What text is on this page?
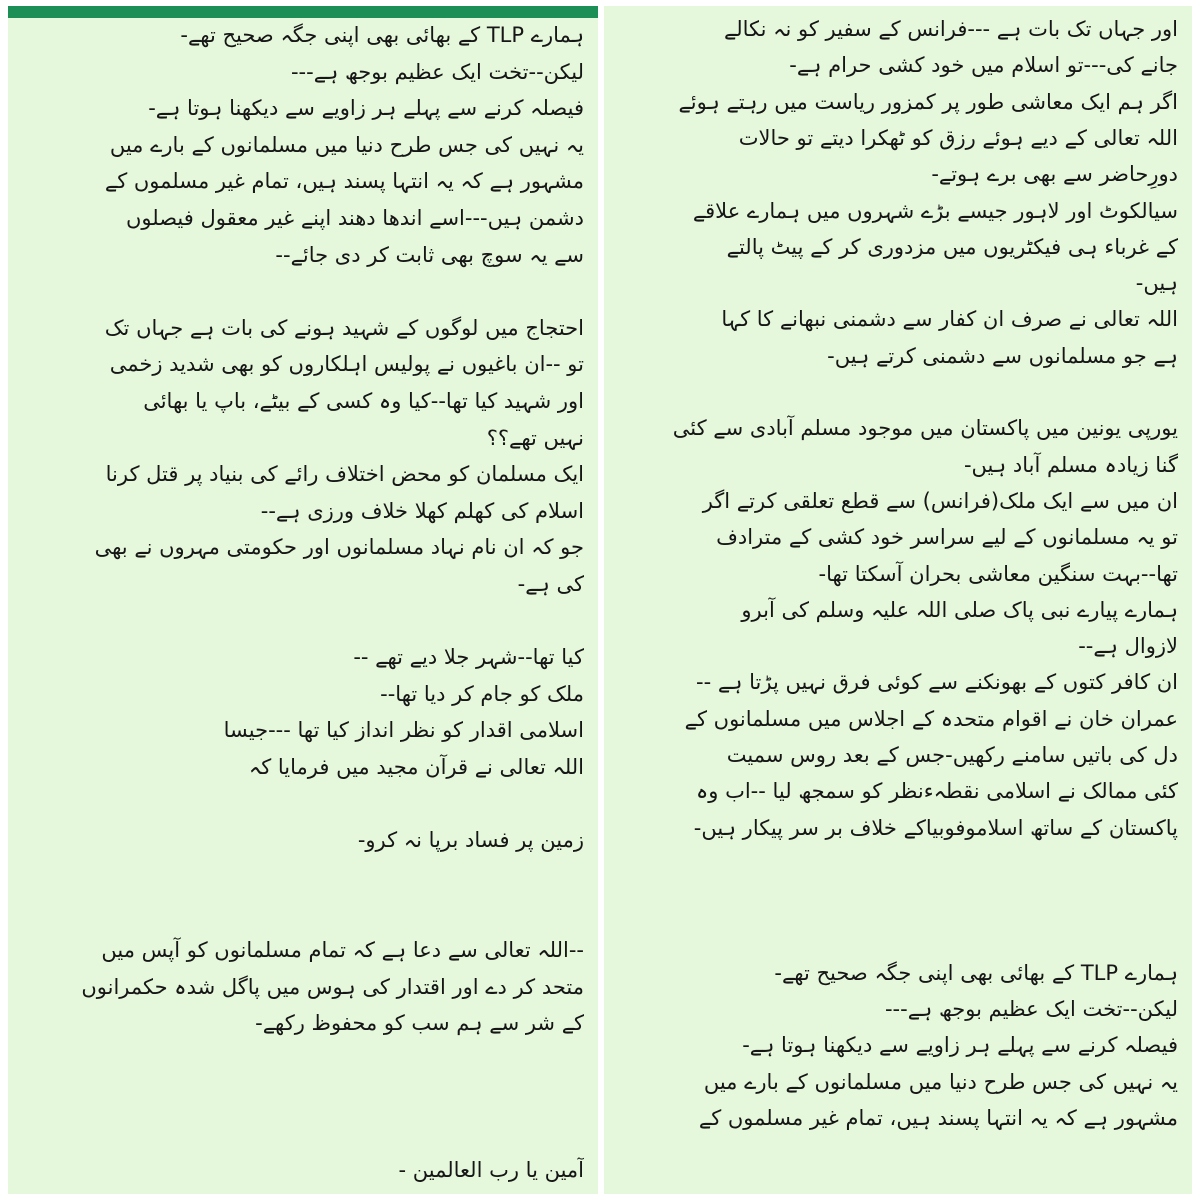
ہمارے TLP کے بھائی بھی اپنی جگہ صحیح تھے-
لیکن--تخت ایک عظیم بوجھ ہے---
فیصلہ کرنے سے پہلے ہر زاویے سے دیکھنا ہوتا ہے-
یہ نہیں کی جس طرح دنیا میں مسلمانوں کے بارے میں
مشہور ہے کہ یہ انتہا پسند ہیں، تمام غیر مسلموں کے
دشمن ہیں---اسے اندھا دھند اپنے غیر معقول فیصلوں
سے یہ سوچ بھی ثابت کر دی جائے--
احتجاج میں لوگوں کے شہید ہونے کی بات ہے جہاں تک
تو --ان باغیوں نے پولیس اہلکاروں کو بھی شدید زخمی
اور شہید کیا تھا--کیا وہ کسی کے بیٹے، باپ یا بھائی
نہیں تھے؟؟
ایک مسلمان کو محض اختلاف رائے کی بنیاد پر قتل کرنا
اسلام کی کھلم کھلا خلاف ورزی ہے--
جو کہ ان نام نہاد مسلمانوں اور حکومتی مہروں نے بھی
کی ہے-
کیا تھا--شہر جلا دیے تھے --
ملک کو جام کر دیا تھا--
اسلامی اقدار کو نظر انداز کیا تھا ---جیسا
اللہ تعالی نے قرآن مجید میں فرمایا کہ
زمین پر فساد برپا نہ کرو-
--اللہ تعالی سے دعا ہے کہ تمام مسلمانوں کو آپس میں
متحد کر دے اور اقتدار کی ہوس میں پاگل شدہ حکمرانوں
کے شر سے ہم سب کو محفوظ رکھے-
آمین یا رب العالمین -
اور جہاں تک بات ہے ---فرانس کے سفیر کو نہ نکالے
جانے کی---تو اسلام میں خود کشی حرام ہے-
اگر ہم ایک معاشی طور پر کمزور ریاست میں رہتے ہوئے
اللہ تعالی کے دیے ہوئے رزق کو ٹھکرا دیتے تو حالات
دورِحاضر سے بھی برے ہوتے-
سیالکوٹ اور لاہور جیسے بڑے شہروں میں ہمارے علاقے
کے غرباء ہی فیکٹریوں میں مزدوری کر کے پیٹ پالتے
ہیں-
اللہ تعالی نے صرف ان کفار سے دشمنی نبھانے کا کہا
ہے جو مسلمانوں سے دشمنی کرتے ہیں-
یورپی یونین میں پاکستان میں موجود مسلم آبادی سے کئی
گنا زیادہ مسلم آباد ہیں-
ان میں سے ایک ملک(فرانس) سے قطع تعلقی کرتے اگر
تو یہ مسلمانوں کے لیے سراسر خود کشی کے مترادف
تھا--بہت سنگین معاشی بحران آسکتا تھا-
ہمارے پیارے نبی پاک صلی اللہ علیہ وسلم کی آبرو
لازوال ہے--
ان کافر کتوں کے بھونکنے سے کوئی فرق نہیں پڑتا ہے --
عمران خان نے اقوام متحدہ کے اجلاس میں مسلمانوں کے
دل کی باتیں سامنے رکھیں-جس کے بعد روس سمیت
کئی ممالک نے اسلامی نقطہءنظر کو سمجھ لیا --اب وہ
پاکستان کے ساتھ اسلاموفوبیاکے خلاف بر سر پیکار ہیں-
ہمارے TLP کے بھائی بھی اپنی جگہ صحیح تھے-
لیکن--تخت ایک عظیم بوجھ ہے---
فیصلہ کرنے سے پہلے ہر زاویے سے دیکھنا ہوتا ہے-
یہ نہیں کی جس طرح دنیا میں مسلمانوں کے بارے میں
مشہور ہے کہ یہ انتہا پسند ہیں، تمام غیر مسلموں کے
